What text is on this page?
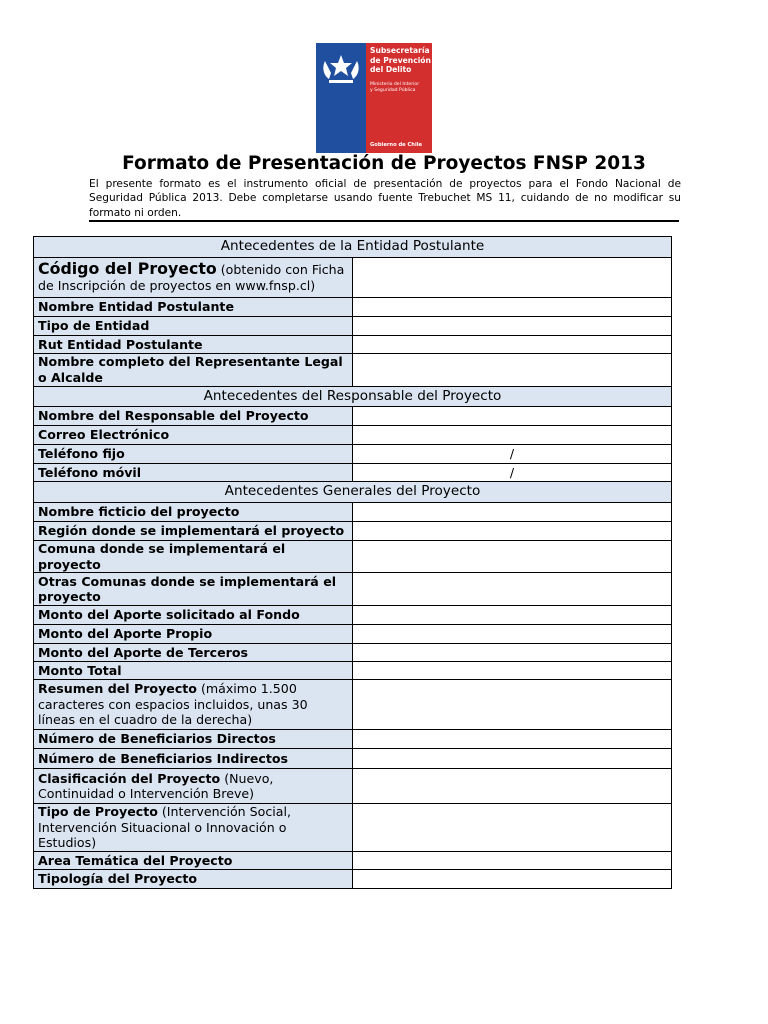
Subsecretaría
de Prevención
del Delito
Ministerio del Interior
y Seguridad Pública
Gobierno de Chile
Formato de Presentación de Proyectos FNSP 2013
El presente formato es el instrumento oficial de presentación de proyectos para el Fondo Nacional de Seguridad Pública 2013. Debe completarse usando fuente Trebuchet MS 11, cuidando de no modificar su formato ni orden.
Antecedentes de la Entidad Postulante	
Código del Proyecto (obtenido con Ficha de Inscripción de proyectos en www.fnsp.cl)	
Nombre Entidad Postulante	
Tipo de Entidad	
Rut Entidad Postulante	
Nombre completo del Representante Legal o Alcalde	
Antecedentes del Responsable del Proyecto	
Nombre del Responsable del Proyecto	
Correo Electrónico	
Teléfono fijo	/
Teléfono móvil	/
Antecedentes Generales del Proyecto	
Nombre ficticio del proyecto	
Región donde se implementará el proyecto	
Comuna donde se implementará el proyecto	
Otras Comunas donde se implementará el proyecto	
Monto del Aporte solicitado al Fondo	
Monto del Aporte Propio	
Monto del Aporte de Terceros	
Monto Total	
Resumen del Proyecto (máximo 1.500 caracteres con espacios incluidos, unas 30 líneas en el cuadro de la derecha)	
Número de Beneficiarios Directos	
Número de Beneficiarios Indirectos	
Clasificación del Proyecto (Nuevo, Continuidad o Intervención Breve)	
Tipo de Proyecto (Intervención Social, Intervención Situacional o Innovación o Estudios)	
Area Temática del Proyecto	
Tipología del Proyecto	
